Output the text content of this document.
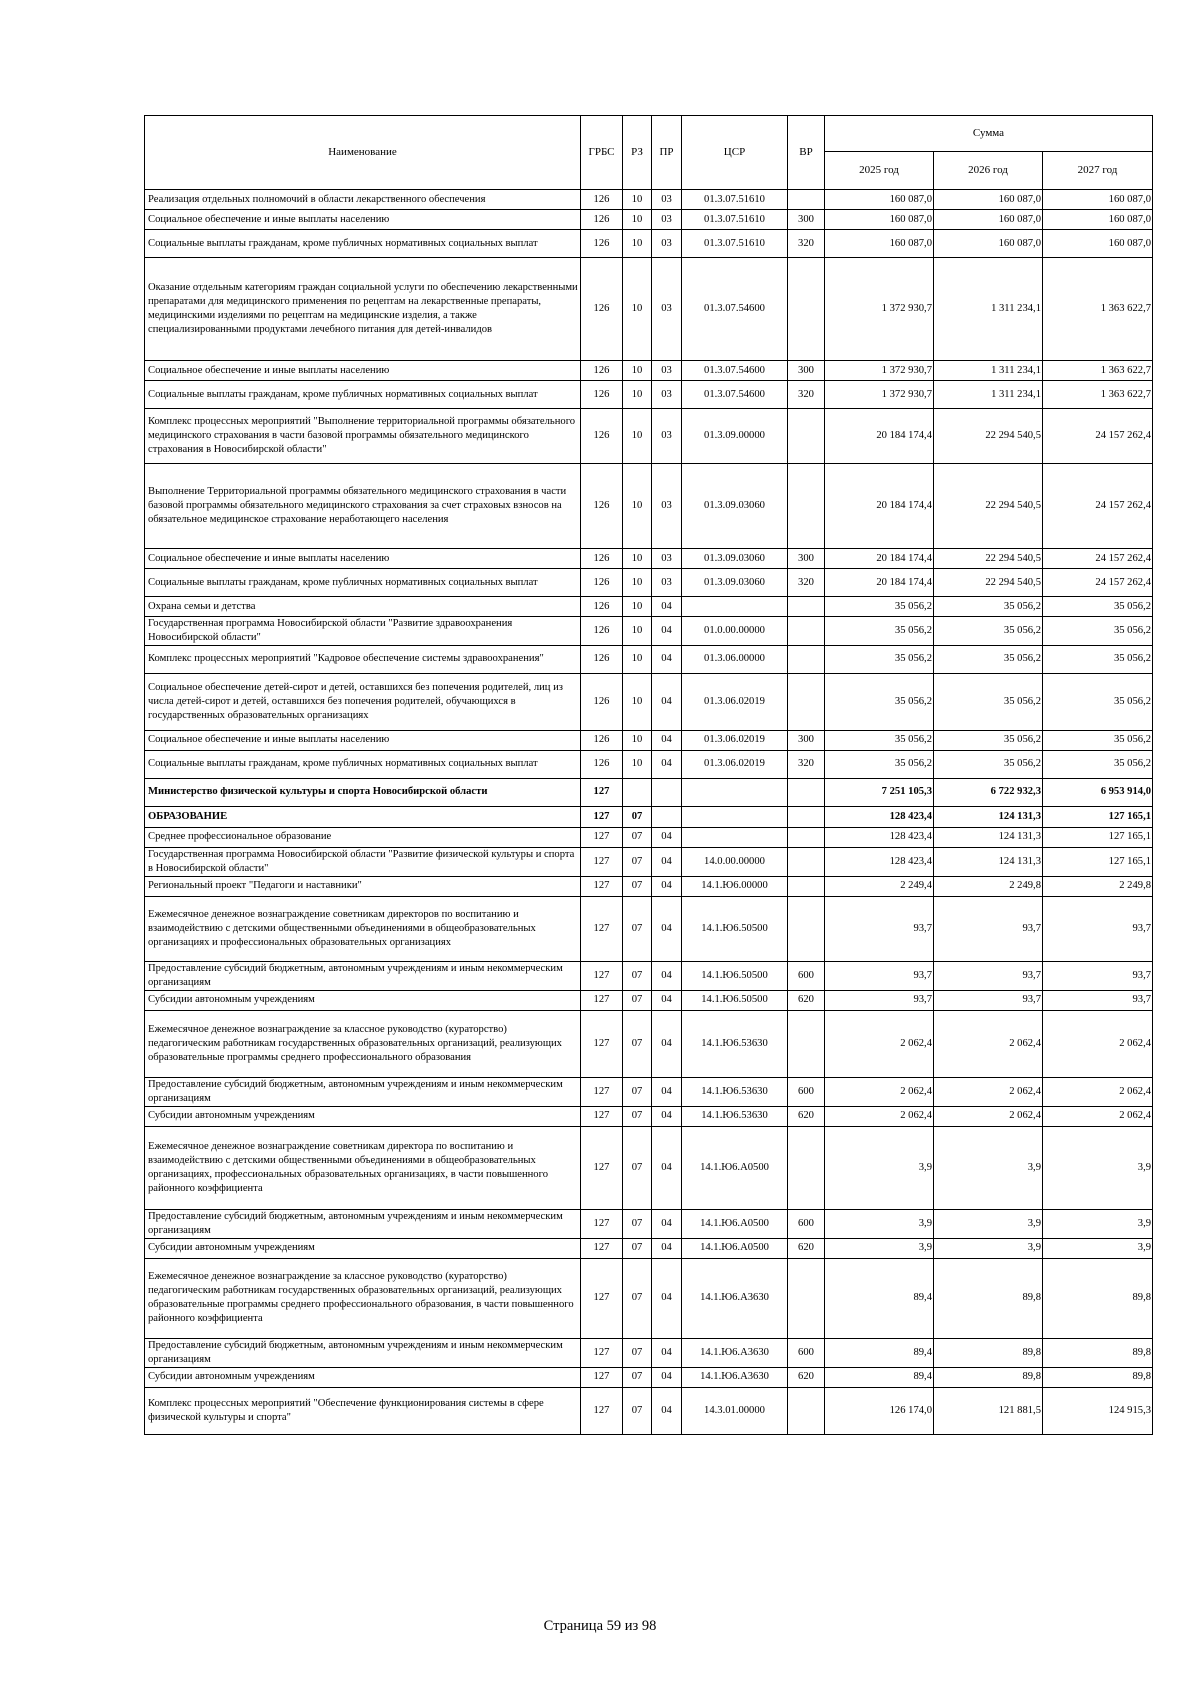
Наименование	ГРБС	РЗ	ПР	ЦСР	ВР	Сумма		
						2025 год	2026 год	2027 год
Реализация отдельных полномочий в области лекарственного обеспечения	126	10	03	01.3.07.51610		160 087,0	160 087,0	160 087,0
Социальное обеспечение и иные выплаты населению	126	10	03	01.3.07.51610	300	160 087,0	160 087,0	160 087,0
Социальные выплаты гражданам, кроме публичных нормативных социальных выплат	126	10	03	01.3.07.51610	320	160 087,0	160 087,0	160 087,0
Оказание отдельным категориям граждан социальной услуги по обеспечению лекарственными препаратами для медицинского применения по рецептам на лекарственные препараты, медицинскими изделиями по рецептам на медицинские изделия, а также специализированными продуктами лечебного питания для детей-инвалидов	126	10	03	01.3.07.54600		1 372 930,7	1 311 234,1	1 363 622,7
Социальное обеспечение и иные выплаты населению	126	10	03	01.3.07.54600	300	1 372 930,7	1 311 234,1	1 363 622,7
Социальные выплаты гражданам, кроме публичных нормативных социальных выплат	126	10	03	01.3.07.54600	320	1 372 930,7	1 311 234,1	1 363 622,7
Комплекс процессных мероприятий "Выполнение территориальной программы обязательного медицинского страхования в части базовой программы обязательного медицинского страхования в Новосибирской области"	126	10	03	01.3.09.00000		20 184 174,4	22 294 540,5	24 157 262,4
Выполнение Территориальной программы обязательного медицинского страхования в части базовой программы обязательного медицинского страхования за счет страховых взносов на обязательное медицинское страхование неработающего населения	126	10	03	01.3.09.03060		20 184 174,4	22 294 540,5	24 157 262,4
Социальное обеспечение и иные выплаты населению	126	10	03	01.3.09.03060	300	20 184 174,4	22 294 540,5	24 157 262,4
Социальные выплаты гражданам, кроме публичных нормативных социальных выплат	126	10	03	01.3.09.03060	320	20 184 174,4	22 294 540,5	24 157 262,4
Охрана семьи и детства	126	10	04			35 056,2	35 056,2	35 056,2
Государственная программа Новосибирской области "Развитие здравоохранения Новосибирской области"	126	10	04	01.0.00.00000		35 056,2	35 056,2	35 056,2
Комплекс процессных мероприятий "Кадровое обеспечение системы здравоохранения"	126	10	04	01.3.06.00000		35 056,2	35 056,2	35 056,2
Социальное обеспечение детей-сирот и детей, оставшихся без попечения родителей, лиц из числа детей-сирот и детей, оставшихся без попечения родителей, обучающихся в государственных образовательных организациях	126	10	04	01.3.06.02019		35 056,2	35 056,2	35 056,2
Социальное обеспечение и иные выплаты населению	126	10	04	01.3.06.02019	300	35 056,2	35 056,2	35 056,2
Социальные выплаты гражданам, кроме публичных нормативных социальных выплат	126	10	04	01.3.06.02019	320	35 056,2	35 056,2	35 056,2
Министерство физической культуры и спорта Новосибирской области	127					7 251 105,3	6 722 932,3	6 953 914,0
ОБРАЗОВАНИЕ	127	07				128 423,4	124 131,3	127 165,1
Среднее профессиональное образование	127	07	04			128 423,4	124 131,3	127 165,1
Государственная программа Новосибирской области "Развитие физической культуры и спорта в Новосибирской области"	127	07	04	14.0.00.00000		128 423,4	124 131,3	127 165,1
Региональный проект "Педагоги и наставники"	127	07	04	14.1.Ю6.00000		2 249,4	2 249,8	2 249,8
Ежемесячное денежное вознаграждение советникам директоров по воспитанию и взаимодействию с детскими общественными объединениями в общеобразовательных организациях и профессиональных образовательных организациях	127	07	04	14.1.Ю6.50500		93,7	93,7	93,7
Предоставление субсидий бюджетным, автономным учреждениям и иным некоммерческим организациям	127	07	04	14.1.Ю6.50500	600	93,7	93,7	93,7
Субсидии автономным учреждениям	127	07	04	14.1.Ю6.50500	620	93,7	93,7	93,7
Ежемесячное денежное вознаграждение за классное руководство (кураторство) педагогическим работникам государственных образовательных организаций, реализующих образовательные программы среднего профессионального образования	127	07	04	14.1.Ю6.53630		2 062,4	2 062,4	2 062,4
Предоставление субсидий бюджетным, автономным учреждениям и иным некоммерческим организациям	127	07	04	14.1.Ю6.53630	600	2 062,4	2 062,4	2 062,4
Субсидии автономным учреждениям	127	07	04	14.1.Ю6.53630	620	2 062,4	2 062,4	2 062,4
Ежемесячное денежное вознаграждение советникам директора по воспитанию и взаимодействию с детскими общественными объединениями в общеобразовательных организациях, профессиональных образовательных организациях, в части повышенного районного коэффициента	127	07	04	14.1.Ю6.А0500		3,9	3,9	3,9
Предоставление субсидий бюджетным, автономным учреждениям и иным некоммерческим организациям	127	07	04	14.1.Ю6.А0500	600	3,9	3,9	3,9
Субсидии автономным учреждениям	127	07	04	14.1.Ю6.А0500	620	3,9	3,9	3,9
Ежемесячное денежное вознаграждение за классное руководство (кураторство) педагогическим работникам государственных образовательных организаций, реализующих образовательные программы среднего профессионального образования, в части повышенного районного коэффициента	127	07	04	14.1.Ю6.А3630		89,4	89,8	89,8
Предоставление субсидий бюджетным, автономным учреждениям и иным некоммерческим организациям	127	07	04	14.1.Ю6.А3630	600	89,4	89,8	89,8
Субсидии автономным учреждениям	127	07	04	14.1.Ю6.А3630	620	89,4	89,8	89,8
Комплекс процессных мероприятий "Обеспечение функционирования системы в сфере физической культуры и спорта"	127	07	04	14.3.01.00000		126 174,0	121 881,5	124 915,3
Страница 59 из 98
